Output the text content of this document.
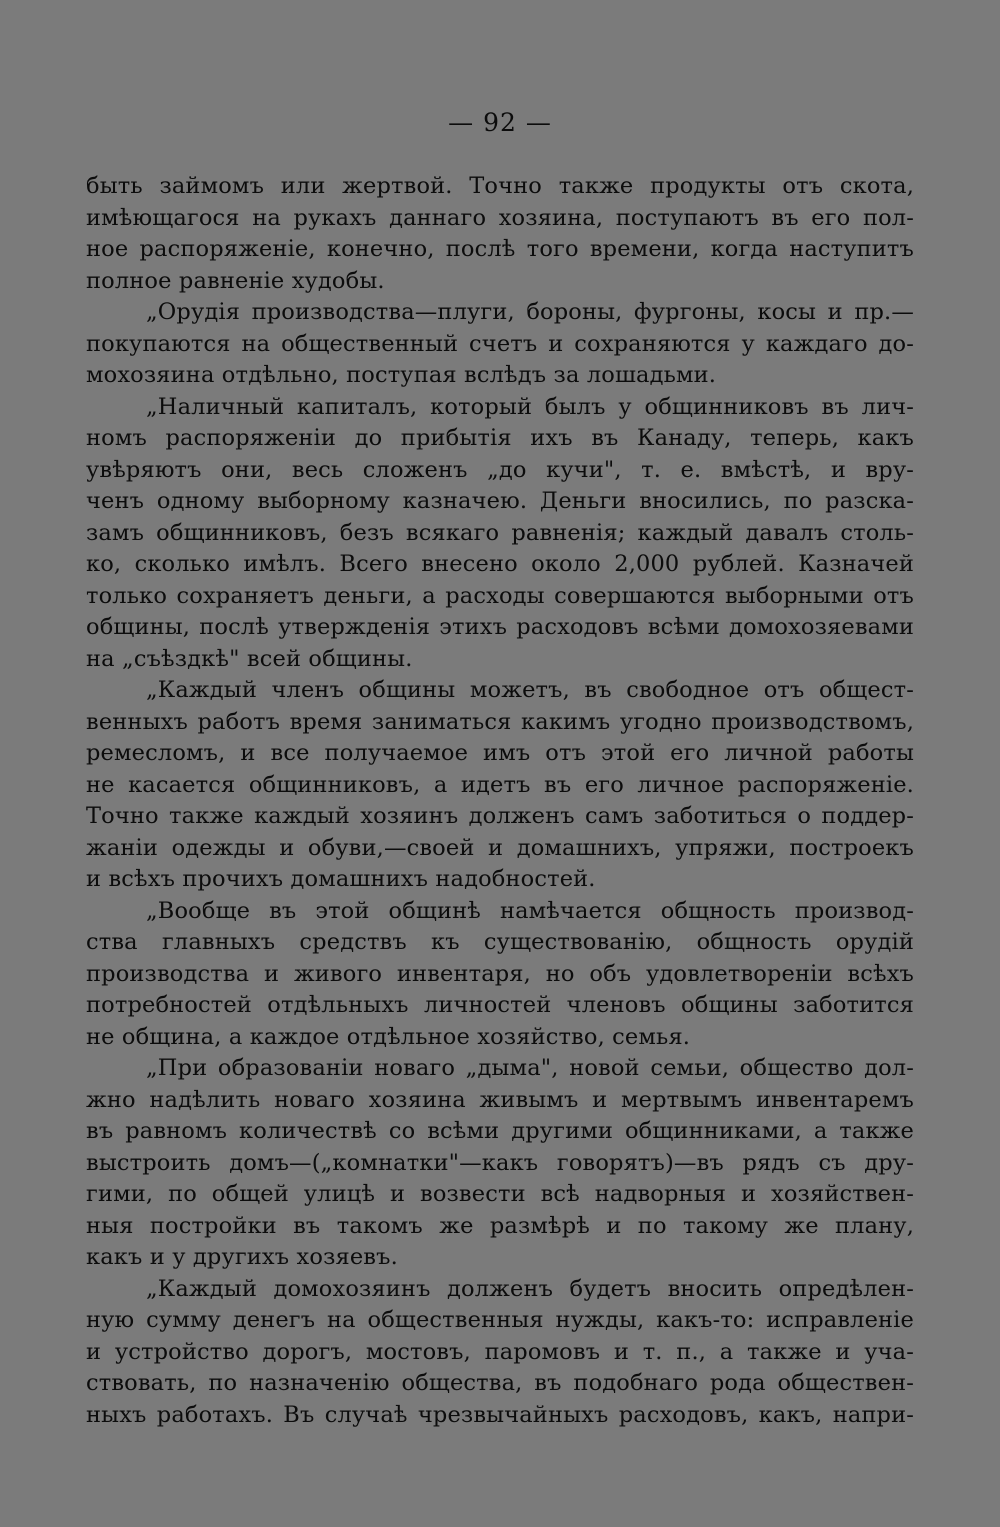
— 92 —
быть займомъ или жертвой. Точно также продукты отъ скота,
имѣющагося на рукахъ даннаго хозяина, поступаютъ въ его пол-
ное распоряженіе, конечно, послѣ того времени, когда наступитъ
полное равненіе худобы.
„Орудія производства—плуги, бороны, фургоны, косы и пр.—
покупаются на общественный счетъ и сохраняются у каждаго до-
мохозяина отдѣльно, поступая вслѣдъ за лошадьми.
„Наличный капиталъ, который былъ у общинниковъ въ лич-
номъ распоряженіи до прибытія ихъ въ Канаду, теперь, какъ
увѣряютъ они, весь сложенъ „до кучи", т. е. вмѣстѣ, и вру-
ченъ одному выборному казначею. Деньги вносились, по разска-
замъ общинниковъ, безъ всякаго равненія; каждый давалъ столь-
ко, сколько имѣлъ. Всего внесено около 2,000 рублей. Казначей
только сохраняетъ деньги, а расходы совершаются выборными отъ
общины, послѣ утвержденія этихъ расходовъ всѣми домохозяевами
на „съѣздкѣ" всей общины.
„Каждый членъ общины можетъ, въ свободное отъ общест-
венныхъ работъ время заниматься какимъ угодно производствомъ,
ремесломъ, и все получаемое имъ отъ этой его личной работы
не касается общинниковъ, а идетъ въ его личное распоряженіе.
Точно также каждый хозяинъ долженъ самъ заботиться о поддер-
жаніи одежды и обуви,—своей и домашнихъ, упряжи, построекъ
и всѣхъ прочихъ домашнихъ надобностей.
„Вообще въ этой общинѣ намѣчается общность производ-
ства главныхъ средствъ къ существованію, общность орудій
производства и живого инвентаря, но объ удовлетвореніи всѣхъ
потребностей отдѣльныхъ личностей членовъ общины заботится
не община, а каждое отдѣльное хозяйство, семья.
„При образованіи новаго „дыма", новой семьи, общество дол-
жно надѣлить новаго хозяина живымъ и мертвымъ инвентаремъ
въ равномъ количествѣ со всѣми другими общинниками, а также
выстроить домъ—(„комнатки"—какъ говорятъ)—въ рядъ съ дру-
гими, по общей улицѣ и возвести всѣ надворныя и хозяйствен-
ныя постройки въ такомъ же размѣрѣ и по такому же плану,
какъ и у другихъ хозяевъ.
„Каждый домохозяинъ долженъ будетъ вносить опредѣлен-
ную сумму денегъ на общественныя нужды, какъ-то: исправленіе
и устройство дорогъ, мостовъ, паромовъ и т. п., а также и уча-
ствовать, по назначенію общества, въ подобнаго рода обществен-
ныхъ работахъ. Въ случаѣ чрезвычайныхъ расходовъ, какъ, напри-
